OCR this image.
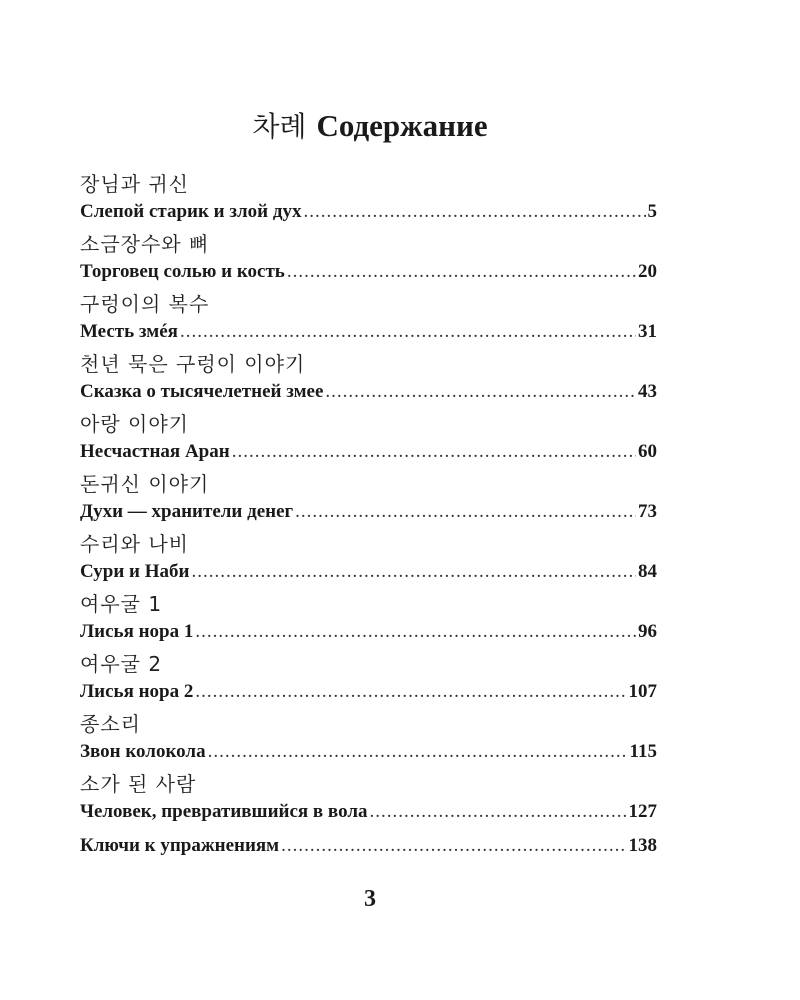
차례 Содержание
장님과 귀신
Слепой старик и злой дух .....	5
소금장수와 뼈
Торговец солью и кость .....	20
구렁이의 복수
Месть змéя .....	31
천년 묵은 구렁이 이야기
Сказка о тысячелетней змее .....	43
아랑 이야기
Несчастная Аран .....	60
돈귀신 이야기
Духи — хранители денег .....	73
수리와 나비
Сури и Наби .....	84
여우굴 1
Лисья нора 1 .....	96
여우굴 2
Лисья нора 2 .....	107
종소리
Звон колокола .....	115
소가 된 사람
Человек, превратившийся в вола .....	127
Ключи к упражнениям .....	138
3
